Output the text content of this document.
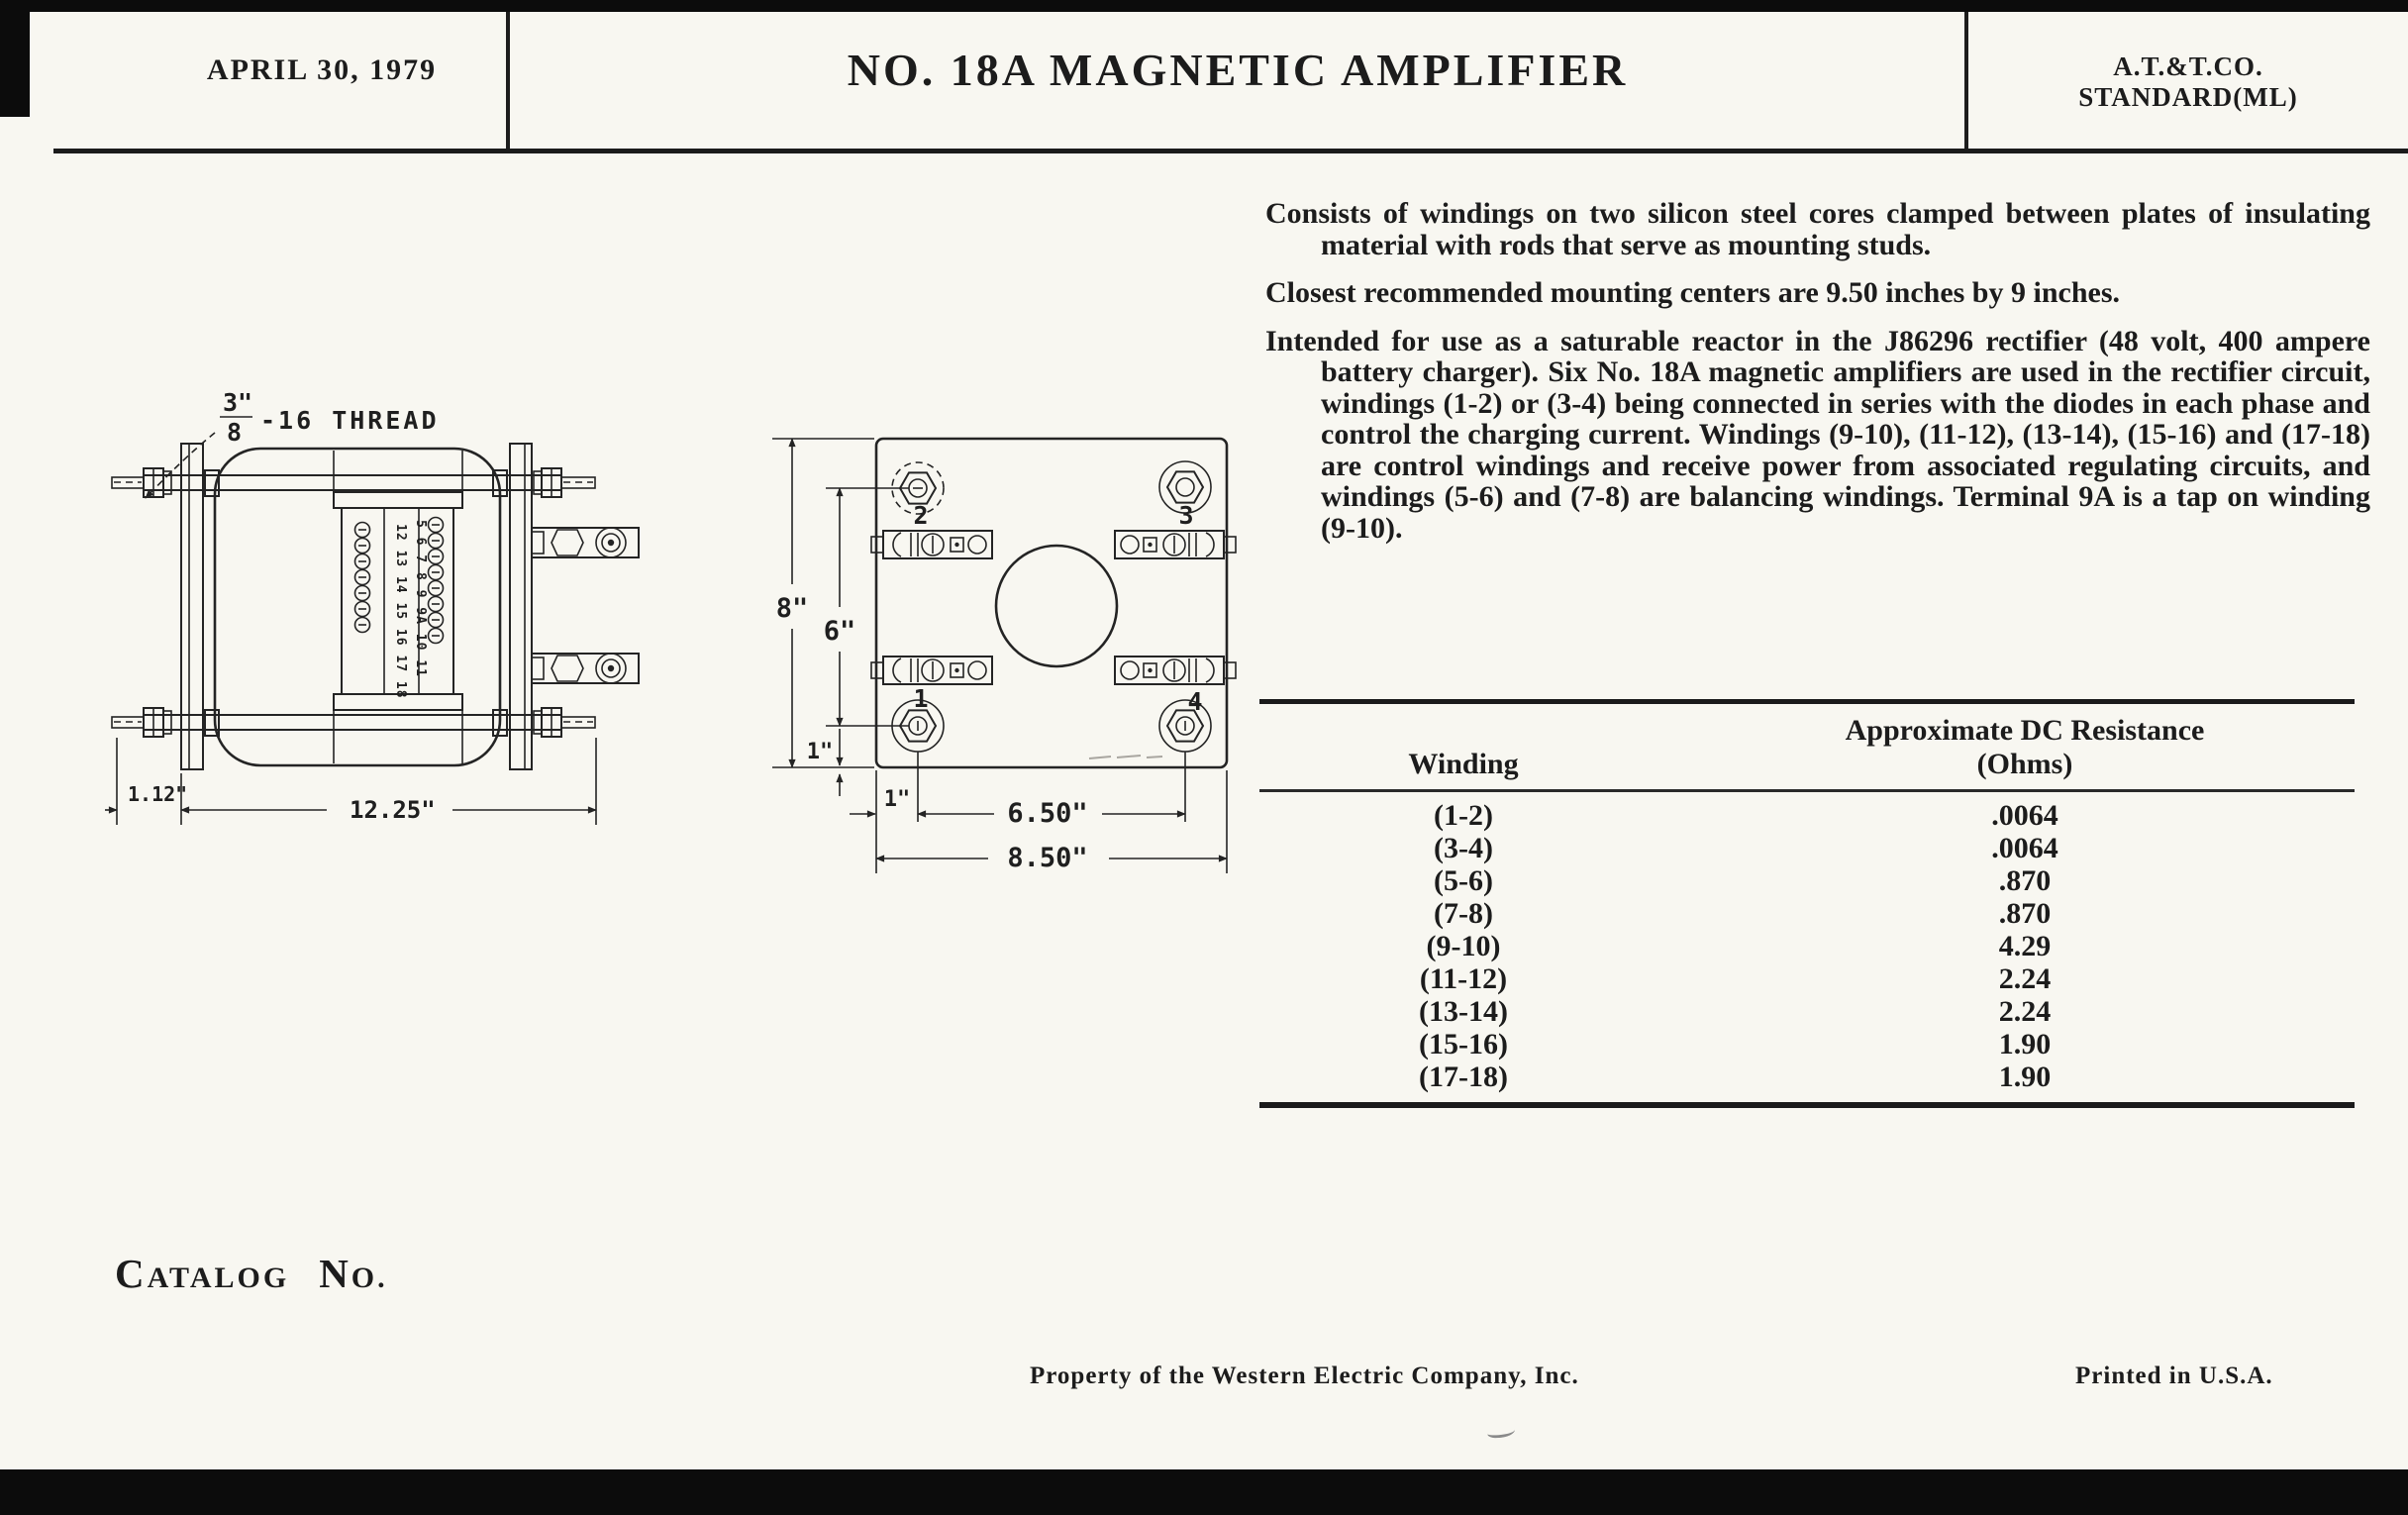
APRIL 30, 1979	NO. 18A MAGNETIC AMPLIFIER	A.T.&T.CO.
STANDARD(ML)

Consists of windings on two silicon steel cores clamped between plates of insulating material with rods that serve as mounting studs.

Closest recommended mounting centers are 9.50 inches by 9 inches.

Intended for use as a saturable reactor in the J86296 rectifier (48 volt, 400 ampere battery charger). Six No. 18A magnetic amplifiers are used in the rectifier circuit, windings (1-2) or (3-4) being connected in series with the diodes in each phase and control the charging current. Windings (9-10), (11-12), (13-14), (15-16) and (17-18) are control windings and receive power from associated regulating circuits, and windings (5-6) and (7-8) are balancing windings. Terminal 9A is a tap on winding (9-10).

3"
8 -16 THREAD
12 13 14 15 16 17 18 5 6 7 8 9 9A 10 11
1.12"
12.25"
2	3
1	4
8"
6"
1"
1"	6.50"
8.50"
Winding
Approximate DC Resistance
(Ohms)
(1-2)	.0064
(3-4)	.0064
(5-6)	.870
(7-8)	.870
(9-10)	4.29
(11-12)	2.24
(13-14)	2.24
(15-16)	1.90
(17-18)	1.90
CATALOG NO.
Property of the Western Electric Company, Inc.	Printed in U.S.A.
